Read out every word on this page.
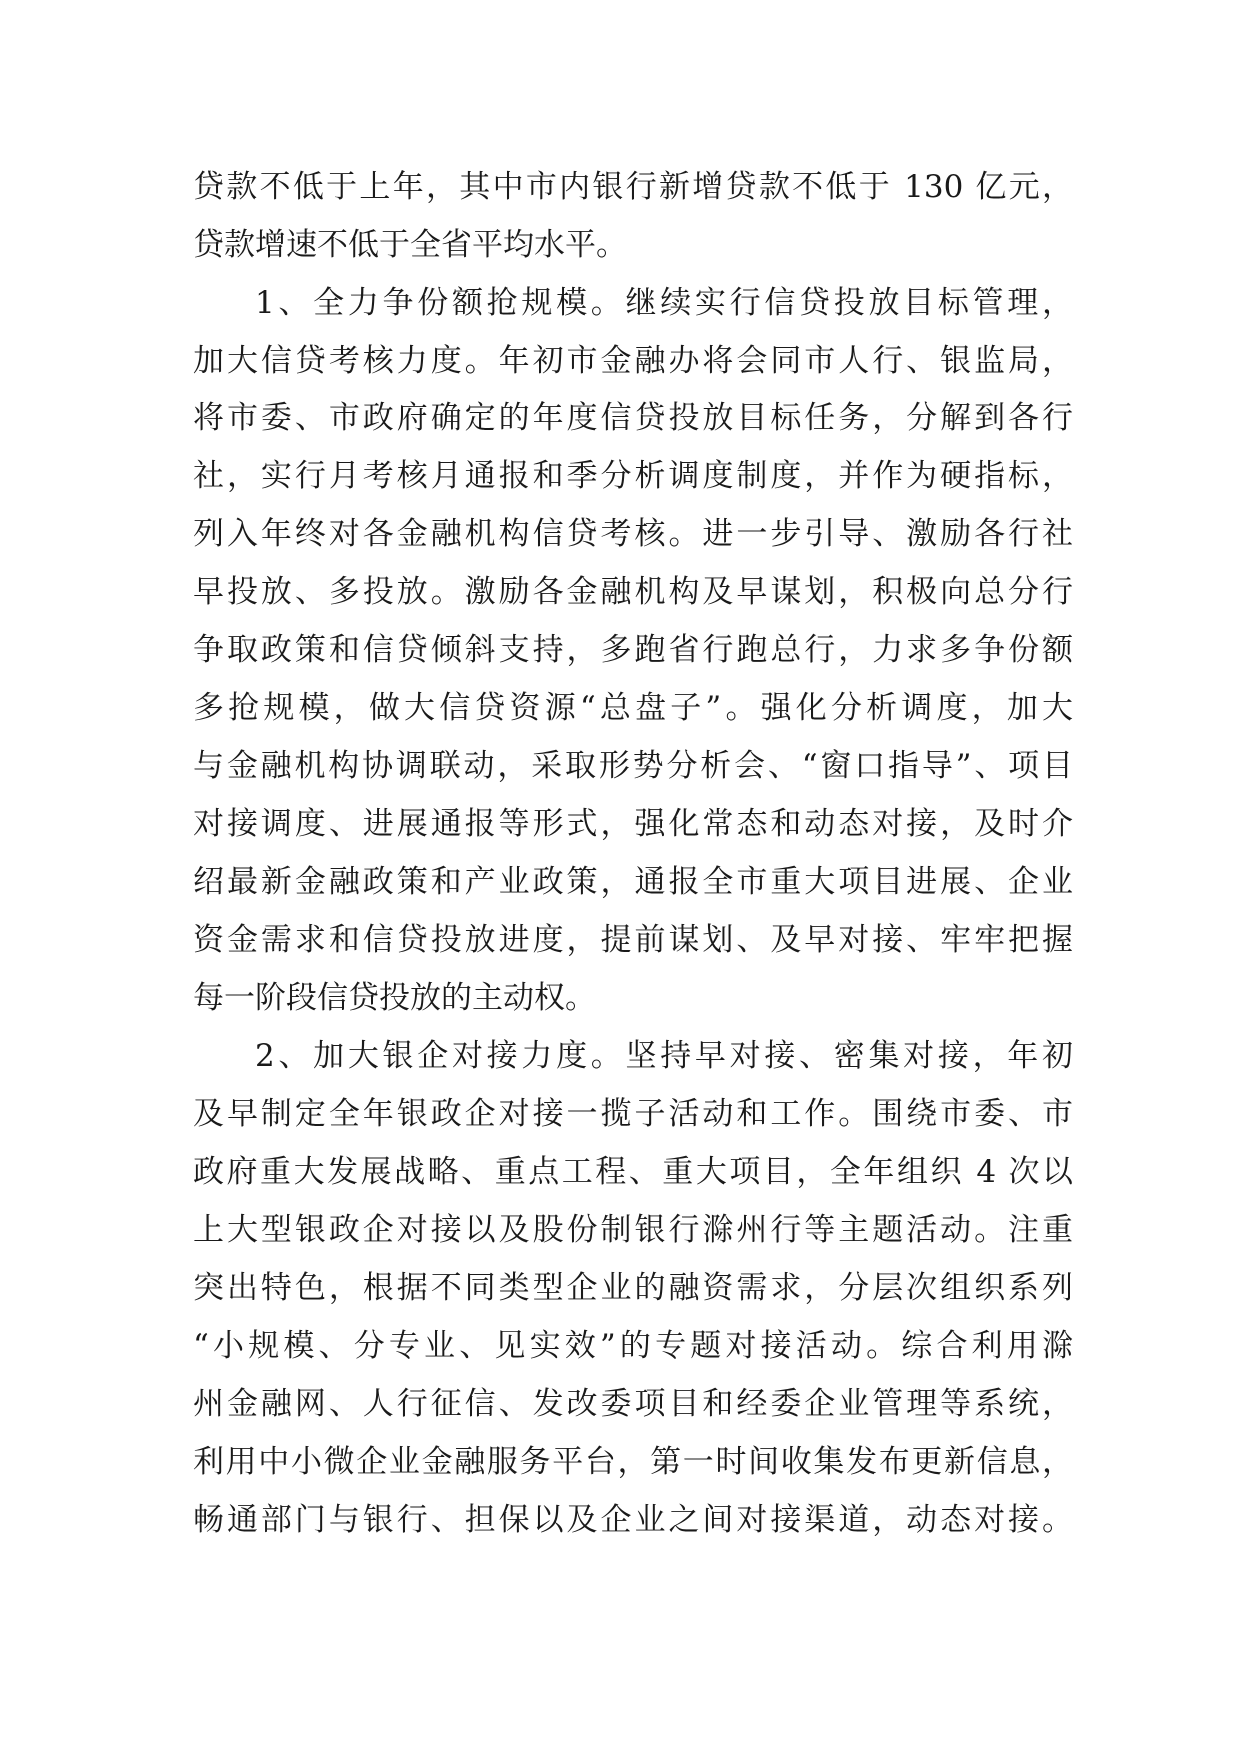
贷款不低于上年，其中市内银行新增贷款不低于 130 亿元，
贷款增速不低于全省平均水平。
1、全力争份额抢规模。继续实行信贷投放目标管理，
加大信贷考核力度。年初市金融办将会同市人行、银监局，
将市委、市政府确定的年度信贷投放目标任务，分解到各行
社，实行月考核月通报和季分析调度制度，并作为硬指标，
列入年终对各金融机构信贷考核。进一步引导、激励各行社
早投放、多投放。激励各金融机构及早谋划，积极向总分行
争取政策和信贷倾斜支持，多跑省行跑总行，力求多争份额
多抢规模，做大信贷资源“总盘子”。强化分析调度，加大
与金融机构协调联动，采取形势分析会、“窗口指导”、项目
对接调度、进展通报等形式，强化常态和动态对接，及时介
绍最新金融政策和产业政策，通报全市重大项目进展、企业
资金需求和信贷投放进度，提前谋划、及早对接、牢牢把握
每一阶段信贷投放的主动权。
2、加大银企对接力度。坚持早对接、密集对接，年初
及早制定全年银政企对接一揽子活动和工作。围绕市委、市
政府重大发展战略、重点工程、重大项目，全年组织 4 次以
上大型银政企对接以及股份制银行滁州行等主题活动。注重
突出特色，根据不同类型企业的融资需求，分层次组织系列
“小规模、分专业、见实效”的专题对接活动。综合利用滁
州金融网、人行征信、发改委项目和经委企业管理等系统，
利用中小微企业金融服务平台，第一时间收集发布更新信息，
畅通部门与银行、担保以及企业之间对接渠道，动态对接。
